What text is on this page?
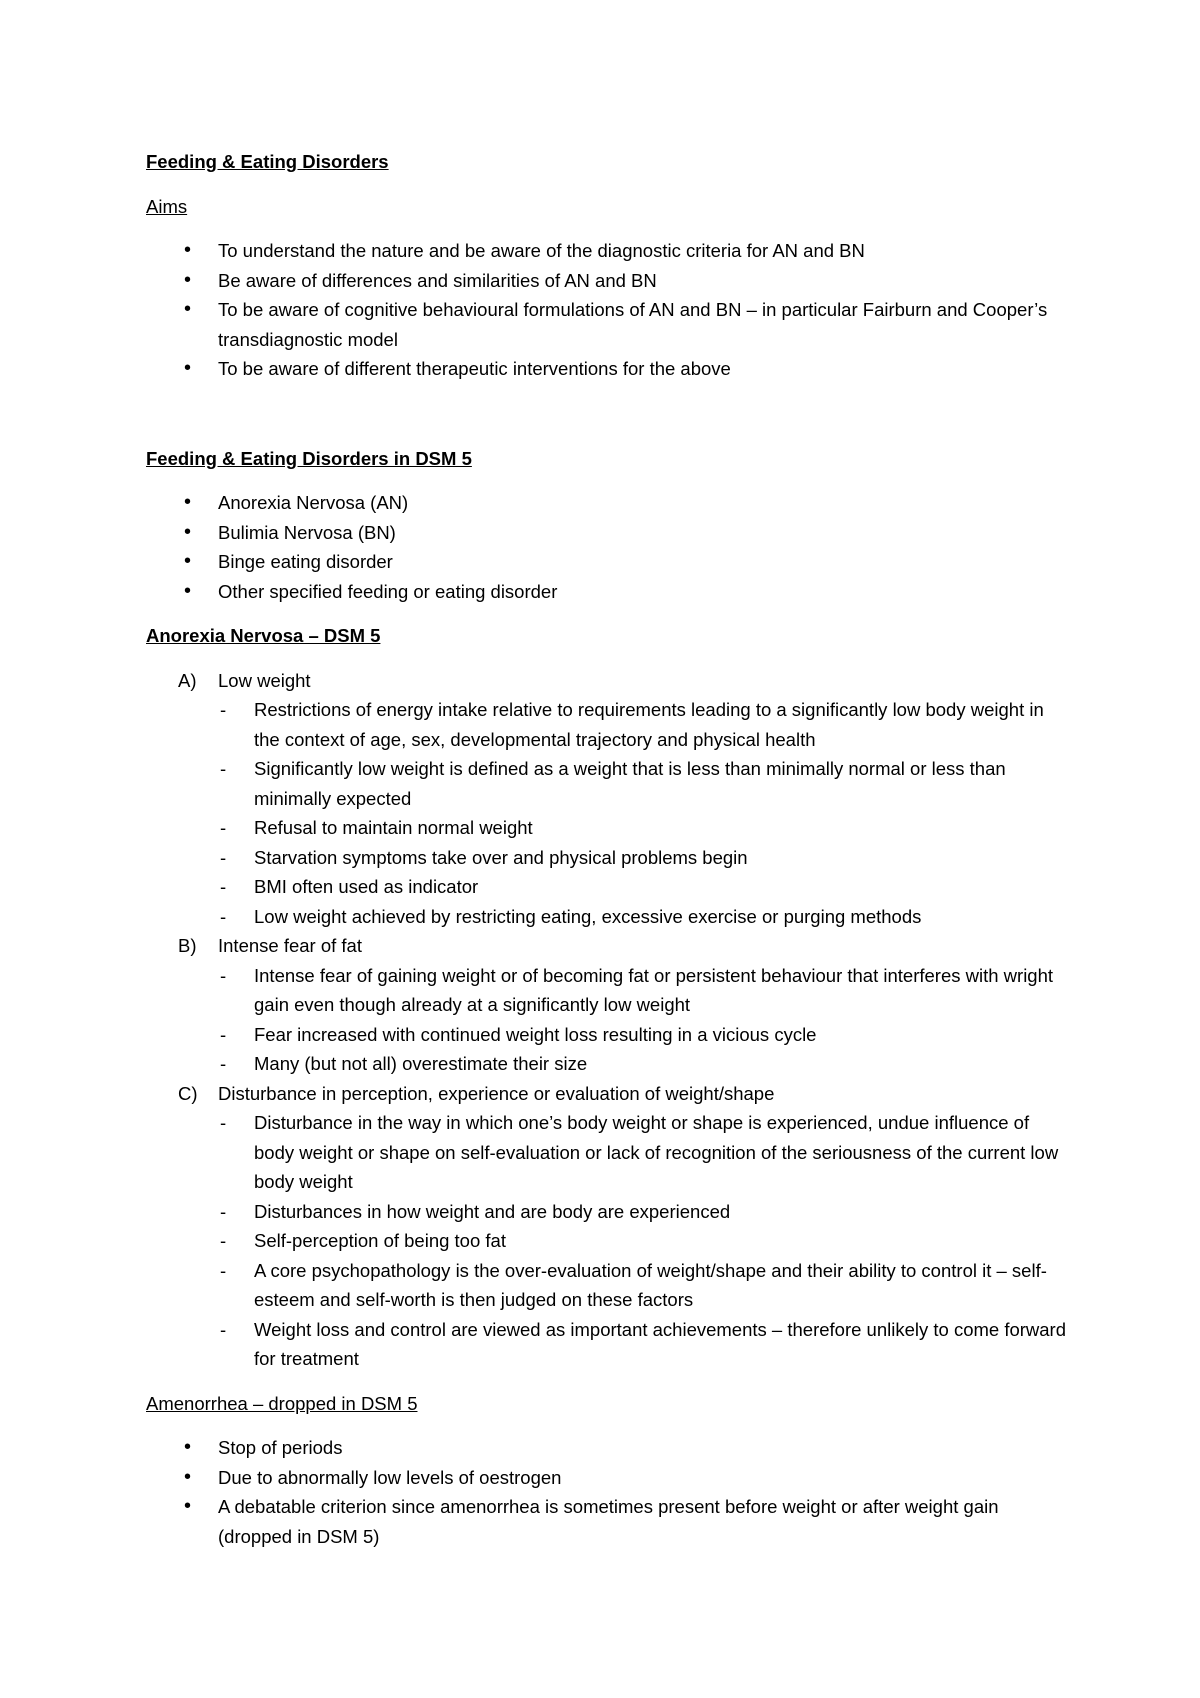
Feeding & Eating Disorders

Aims

• To understand the nature and be aware of the diagnostic criteria for AN and BN
• Be aware of differences and similarities of AN and BN
• To be aware of cognitive behavioural formulations of AN and BN – in particular Fairburn and Cooper’s transdiagnostic model
• To be aware of different therapeutic interventions for the above

Feeding & Eating Disorders in DSM 5

• Anorexia Nervosa (AN)
• Bulimia Nervosa (BN)
• Binge eating disorder
• Other specified feeding or eating disorder

Anorexia Nervosa – DSM 5

A) Low weight
- Restrictions of energy intake relative to requirements leading to a significantly low body weight in the context of age, sex, developmental trajectory and physical health
- Significantly low weight is defined as a weight that is less than minimally normal or less than minimally expected
- Refusal to maintain normal weight
- Starvation symptoms take over and physical problems begin
- BMI often used as indicator
- Low weight achieved by restricting eating, excessive exercise or purging methods
B) Intense fear of fat
- Intense fear of gaining weight or of becoming fat or persistent behaviour that interferes with wright gain even though already at a significantly low weight
- Fear increased with continued weight loss resulting in a vicious cycle
- Many (but not all) overestimate their size
C) Disturbance in perception, experience or evaluation of weight/shape
- Disturbance in the way in which one’s body weight or shape is experienced, undue influence of body weight or shape on self-evaluation or lack of recognition of the seriousness of the current low body weight
- Disturbances in how weight and are body are experienced
- Self-perception of being too fat
- A core psychopathology is the over-evaluation of weight/shape and their ability to control it – self-esteem and self-worth is then judged on these factors
- Weight loss and control are viewed as important achievements – therefore unlikely to come forward for treatment

Amenorrhea – dropped in DSM 5

• Stop of periods
• Due to abnormally low levels of oestrogen
• A debatable criterion since amenorrhea is sometimes present before weight or after weight gain (dropped in DSM 5)
